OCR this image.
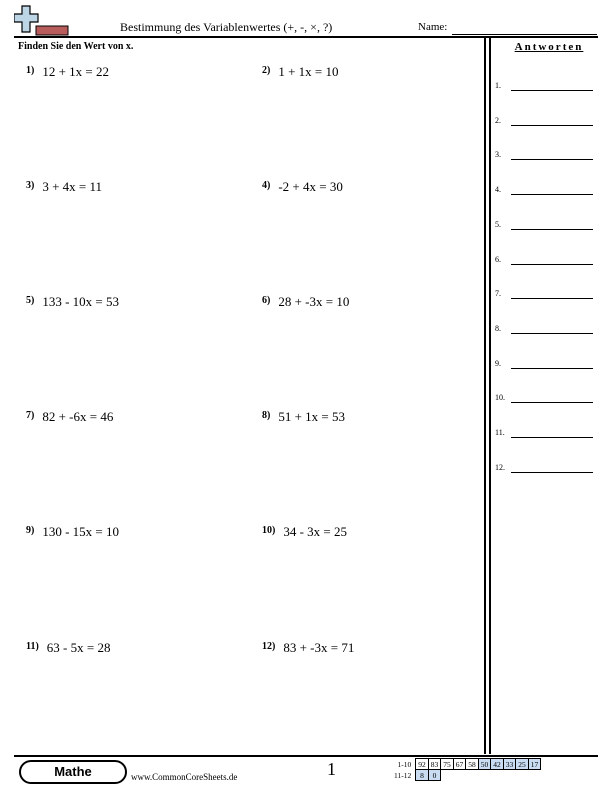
Bestimmung des Variablenwertes (+, -, ×, ?)	Name:
Finden Sie den Wert von x.
1) 12 + 1x = 22	2) 1 + 1x = 10
3) 3 + 4x = 11	4) -2 + 4x = 30
5) 133 - 10x = 53	6) 28 + -3x = 10
7) 82 + -6x = 46	8) 51 + 1x = 53
9) 130 - 15x = 10	10) 34 - 3x = 25
11) 63 - 5x = 28	12) 83 + -3x = 71
Antworten
1.
2.
3.
4.
5.
6.
7.
8.
9.
10.
11.
12.
Mathe	www.CommonCoreSheets.de	1	1-10	92	83	75	67	58	50	42	33	25	17
11-12	8	0								
